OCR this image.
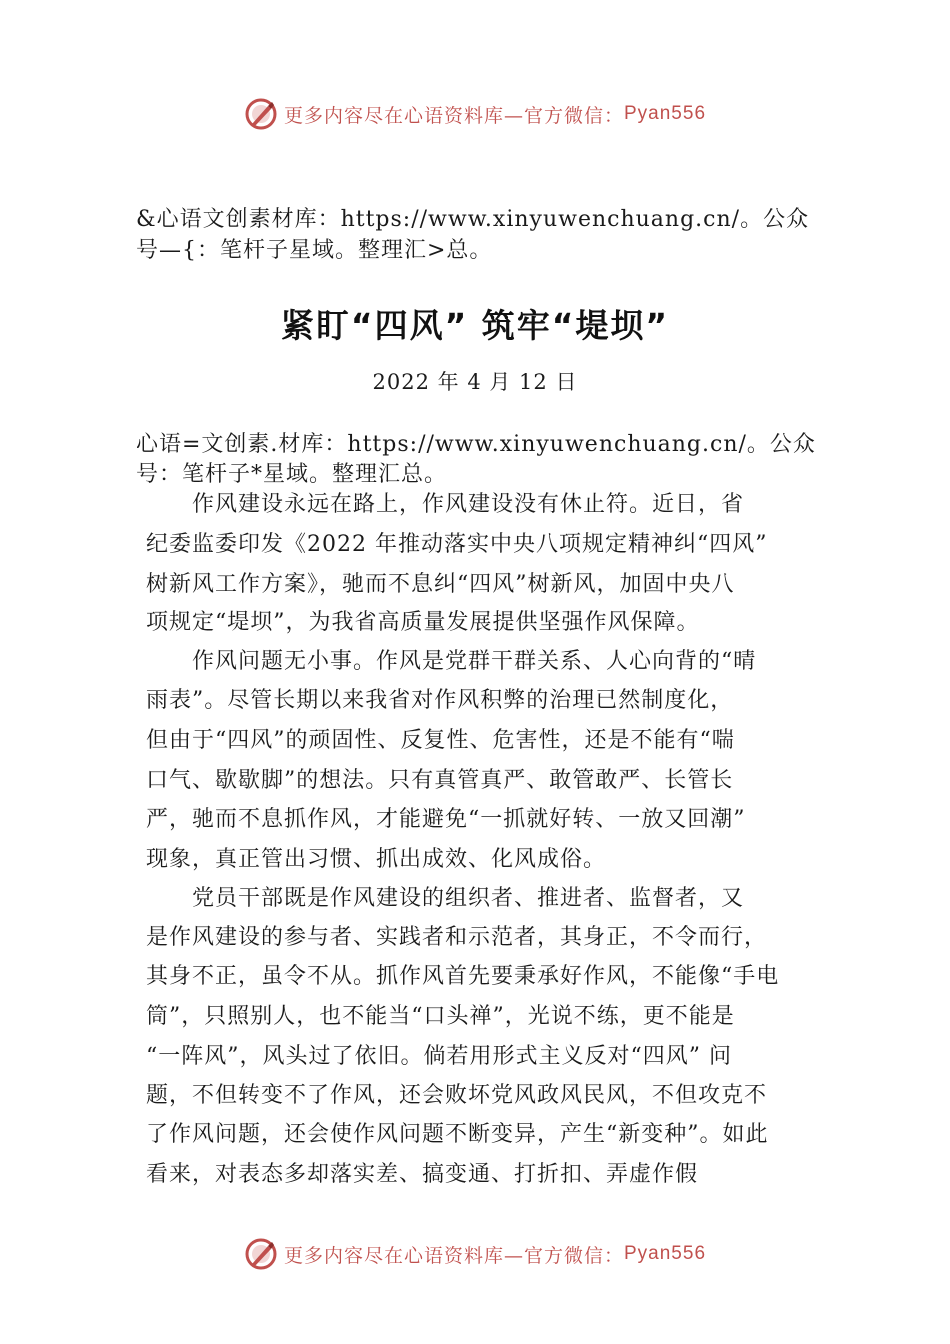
更多内容尽在心语资料库—官方微信： Pyan556
&心语文创素材库：https://www.xinyuwenchuang.cn/。公众
号—{：笔杆子星域。整理汇>总。
紧盯“四风” 筑牢“堤坝”
2022 年 4 月 12 日
心语=文创素.材库：https://www.xinyuwenchuang.cn/。公众
号：笔杆子*星域。整理汇总。
　　作风建设永远在路上，作风建设没有休止符。近日，省
纪委监委印发《2022 年推动落实中央八项规定精神纠“四风”
树新风工作方案》，驰而不息纠“四风”树新风，加固中央八
项规定“堤坝”，为我省高质量发展提供坚强作风保障。
　　作风问题无小事。作风是党群干群关系、人心向背的“晴
雨表”。尽管长期以来我省对作风积弊的治理已然制度化，
但由于“四风”的顽固性、反复性、危害性，还是不能有“喘
口气、歇歇脚”的想法。只有真管真严、敢管敢严、长管长
严，驰而不息抓作风，才能避免“一抓就好转、一放又回潮”
现象，真正管出习惯、抓出成效、化风成俗。
　　党员干部既是作风建设的组织者、推进者、监督者，又
是作风建设的参与者、实践者和示范者，其身正，不令而行，
其身不正，虽令不从。抓作风首先要秉承好作风，不能像“手电
筒”，只照别人，也不能当“口头禅”，光说不练，更不能是
“一阵风”，风头过了依旧。倘若用形式主义反对“四风” 问
题，不但转变不了作风，还会败坏党风政风民风，不但攻克不
了作风问题，还会使作风问题不断变异，产生“新变种”。如此
看来，对表态多却落实差、搞变通、打折扣、弄虚作假
更多内容尽在心语资料库—官方微信： Pyan556
